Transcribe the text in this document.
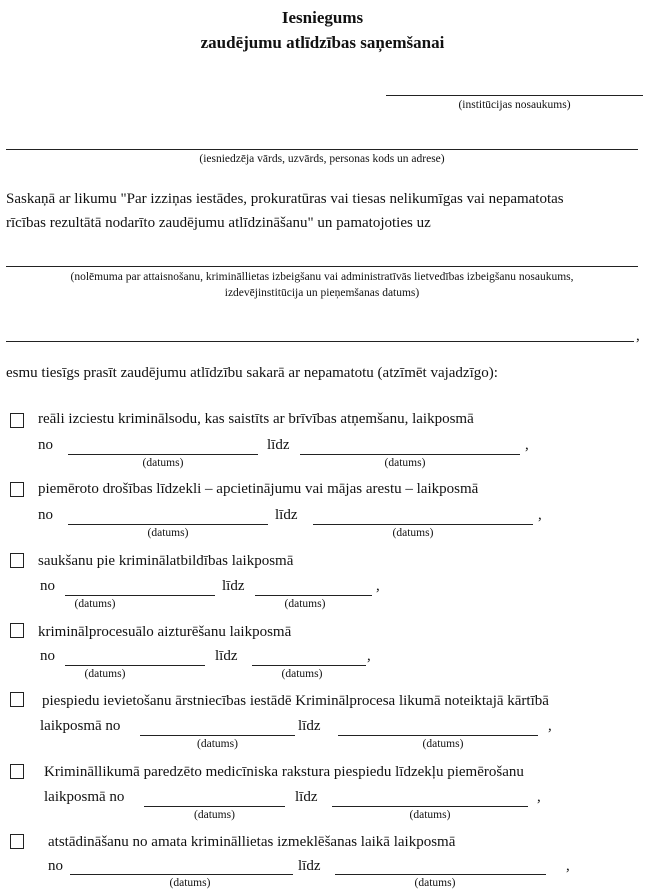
Iesniegums
zaudējumu atlīdzības saņemšanai
(institūcijas nosaukums)
(iesniedzēja vārds, uzvārds, personas kods un adrese)
Saskaņā ar likumu "Par izziņas iestādes, prokuratūras vai tiesas nelikumīgas vai nepamatotas
rīcības rezultātā nodarīto zaudējumu atlīdzināšanu" un pamatojoties uz
(nolēmuma par attaisnošanu, krimināllietas izbeigšanu vai administratīvās lietvedības izbeigšanu nosaukums,
izdevējinstitūcija un pieņemšanas datums)
,
esmu tiesīgs prasīt zaudējumu atlīdzību sakarā ar nepamatotu (atzīmēt vajadzīgo):
reāli izciestu kriminālsodu, kas saistīts ar brīvības atņemšanu, laikposmā
no	līdz	,
(datums)	(datums)
piemēroto drošības līdzekli – apcietinājumu vai mājas arestu – laikposmā
no	līdz	,
(datums)	(datums)
saukšanu pie kriminālatbildības laikposmā
no	līdz	,
(datums)	(datums)
kriminālprocesuālo aizturēšanu laikposmā
no	līdz	,
(datums)	(datums)
piespiedu ievietošanu ārstniecības iestādē Kriminālprocesa likumā noteiktajā kārtībā
laikposmā no	līdz	,
(datums)	(datums)
Krimināllikumā paredzēto medicīniska rakstura piespiedu līdzekļu piemērošanu
laikposmā no	līdz	,
(datums)	(datums)
atstādināšanu no amata krimināllietas izmeklēšanas laikā laikposmā
no	līdz	,
(datums)	(datums)
